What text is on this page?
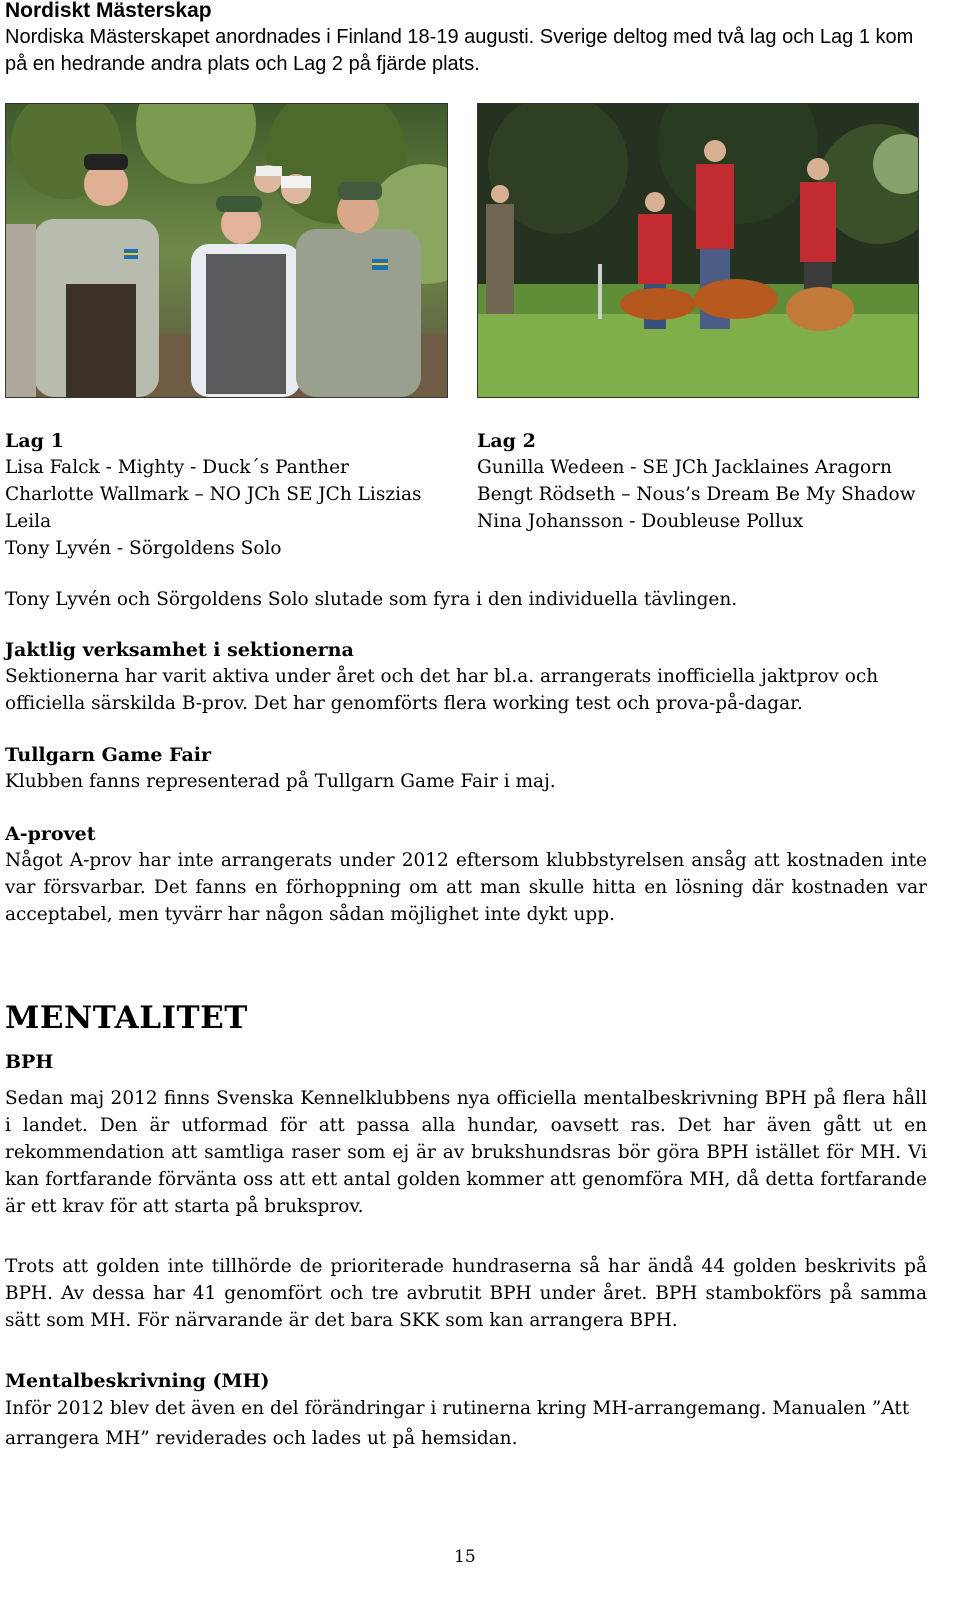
Nordiskt Mästerskap
Nordiska Mästerskapet anordnades i Finland 18-19 augusti. Sverige deltog med två lag och Lag 1 kom på en hedrande andra plats och Lag 2 på fjärde plats.
Lag 1
Lisa Falck - Mighty - Duck´s Panther
Charlotte Wallmark – NO JCh SE JCh Liszias
Leila
Tony Lyvén - Sörgoldens Solo
Lag 2
Gunilla Wedeen - SE JCh Jacklaines Aragorn
Bengt Rödseth – Nous’s Dream Be My Shadow
Nina Johansson - Doubleuse Pollux
Tony Lyvén och Sörgoldens Solo slutade som fyra i den individuella tävlingen.
Jaktlig verksamhet i sektionerna
Sektionerna har varit aktiva under året och det har bl.a. arrangerats inofficiella jaktprov och officiella särskilda B-prov. Det har genomförts flera working test och prova-på-dagar.
Tullgarn Game Fair
Klubben fanns representerad på Tullgarn Game Fair i maj.
A-provet
Något A-prov har inte arrangerats under 2012 eftersom klubbstyrelsen ansåg att kostnaden inte var försvarbar. Det fanns en förhoppning om att man skulle hitta en lösning där kostnaden var acceptabel, men tyvärr har någon sådan möjlighet inte dykt upp.
MENTALITET
BPH
Sedan maj 2012 finns Svenska Kennelklubbens nya officiella mentalbeskrivning BPH på flera håll i landet. Den är utformad för att passa alla hundar, oavsett ras. Det har även gått ut en rekommendation att samtliga raser som ej är av brukshundsras bör göra BPH istället för MH. Vi kan fortfarande förvänta oss att ett antal golden kommer att genomföra MH, då detta fortfarande är ett krav för att starta på bruksprov.
Trots att golden inte tillhörde de prioriterade hundraserna så har ändå 44 golden beskrivits på BPH. Av dessa har 41 genomfört och tre avbrutit BPH under året. BPH stambokförs på samma sätt som MH. För närvarande är det bara SKK som kan arrangera BPH.
Mentalbeskrivning (MH)
Inför 2012 blev det även en del förändringar i rutinerna kring MH-arrangemang. Manualen ”Att arrangera MH” reviderades och lades ut på hemsidan.
15
